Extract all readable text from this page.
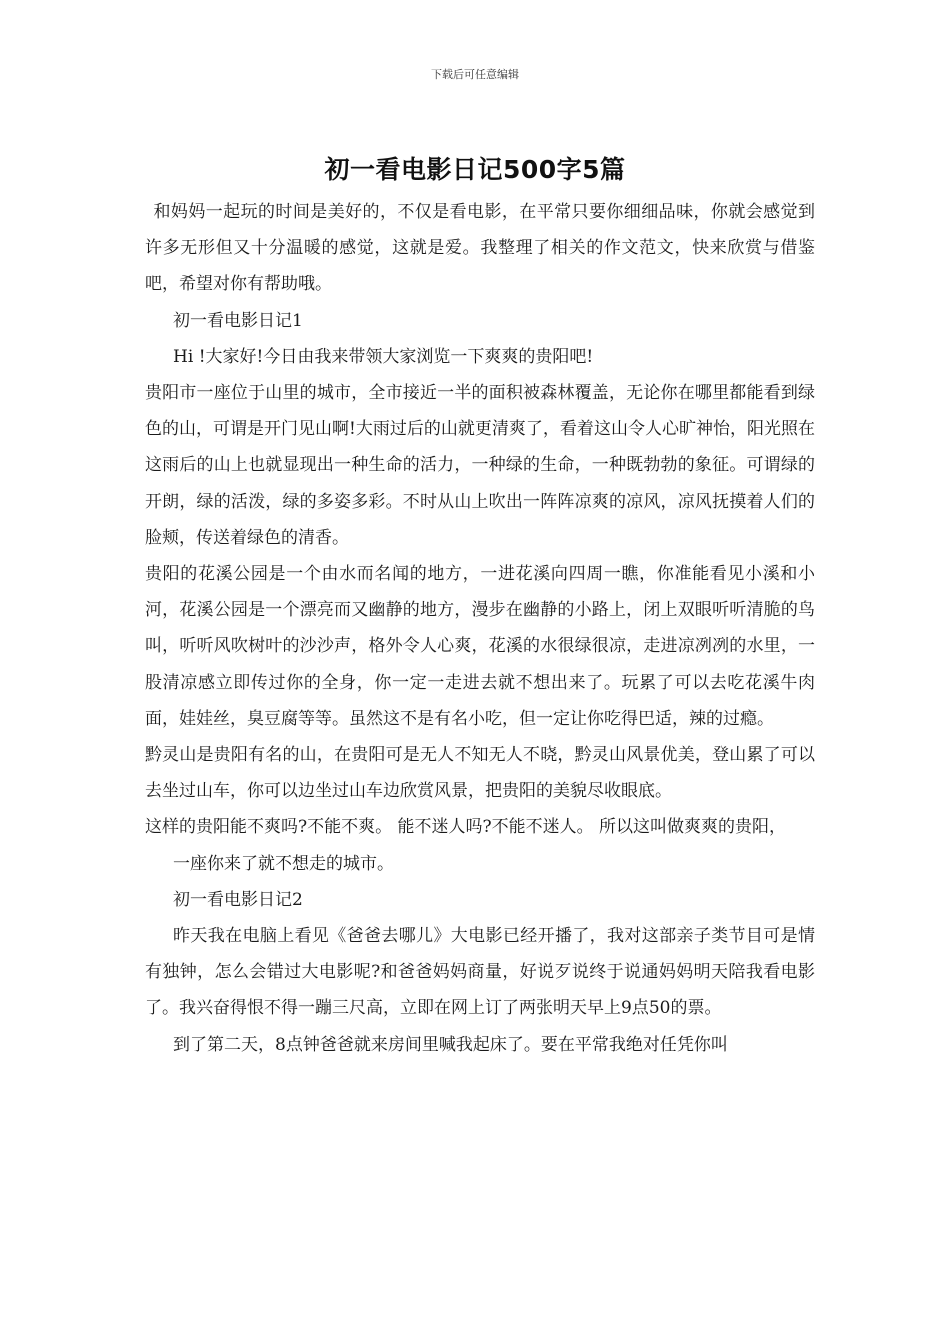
下载后可任意编辑
初一看电影日记500字5篇

和妈妈一起玩的时间是美好的，不仅是看电影，在平常只要你细细品味，你就会感觉到许多无形但又十分温暖的感觉，这就是爱。我整理了相关的作文范文，快来欣赏与借鉴吧，希望对你有帮助哦。

初一看电影日记1

Hi !大家好!今日由我来带领大家浏览一下爽爽的贵阳吧!

贵阳市一座位于山里的城市，全市接近一半的面积被森林覆盖，无论你在哪里都能看到绿色的山，可谓是开门见山啊!大雨过后的山就更清爽了，看着这山令人心旷神怡，阳光照在这雨后的山上也就显现出一种生命的活力，一种绿的生命，一种既勃勃的象征。可谓绿的开朗，绿的活泼，绿的多姿多彩。不时从山上吹出一阵阵凉爽的凉风，凉风抚摸着人们的脸颊，传送着绿色的清香。

贵阳的花溪公园是一个由水而名闻的地方，一进花溪向四周一瞧，你准能看见小溪和小河，花溪公园是一个漂亮而又幽静的地方，漫步在幽静的小路上，闭上双眼听听清脆的鸟叫，听听风吹树叶的沙沙声，格外令人心爽，花溪的水很绿很凉，走进凉冽冽的水里，一股清凉感立即传过你的全身，你一定一走进去就不想出来了。玩累了可以去吃花溪牛肉面，娃娃丝，臭豆腐等等。虽然这不是有名小吃，但一定让你吃得巴适，辣的过瘾。

黔灵山是贵阳有名的山，在贵阳可是无人不知无人不晓，黔灵山风景优美，登山累了可以去坐过山车，你可以边坐过山车边欣赏风景，把贵阳的美貌尽收眼底。

这样的贵阳能不爽吗?不能不爽。 能不迷人吗?不能不迷人。 所以这叫做爽爽的贵阳，

一座你来了就不想走的城市。

初一看电影日记2

昨天我在电脑上看见《爸爸去哪儿》大电影已经开播了，我对这部亲子类节目可是情有独钟，怎么会错过大电影呢?和爸爸妈妈商量，好说歹说终于说通妈妈明天陪我看电影了。我兴奋得恨不得一蹦三尺高，立即在网上订了两张明天早上9点50的票。

到了第二天，8点钟爸爸就来房间里喊我起床了。要在平常我绝对任凭你叫
